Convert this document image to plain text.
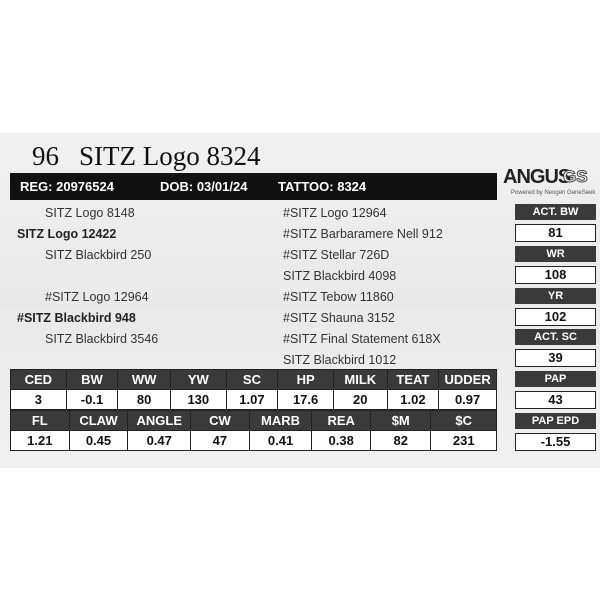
96 SITZ Logo 8324
REG: 20976524	DOB: 03/01/24 TATTOO: 8324	ANGUS
GS
Powered by Neogen GeneSeek
SITZ Logo 8148
SITZ Logo 12422
SITZ Blackbird 250
#SITZ Logo 12964
#SITZ Blackbird 948
SITZ Blackbird 3546
#SITZ Logo 12964
#SITZ Barbaramere Nell 912
#SITZ Stellar 726D
SITZ Blackbird 4098
#SITZ Tebow 11860
#SITZ Shauna 3152
#SITZ Final Statement 618X
SITZ Blackbird 1012
CED	BW	WW	YW	SC	HP	MILK	TEAT	UDDER
3	-0.1	80	130	1.07	17.6	20	1.02	0.97
FL	CLAW	ANGLE	CW	MARB	REA	$M	$C
1.21	0.45	0.47	47	0.41	0.38	82	231
ACT. BW
81
WR
108
YR
102
ACT. SC
39
PAP
43
PAP EPD
-1.55
